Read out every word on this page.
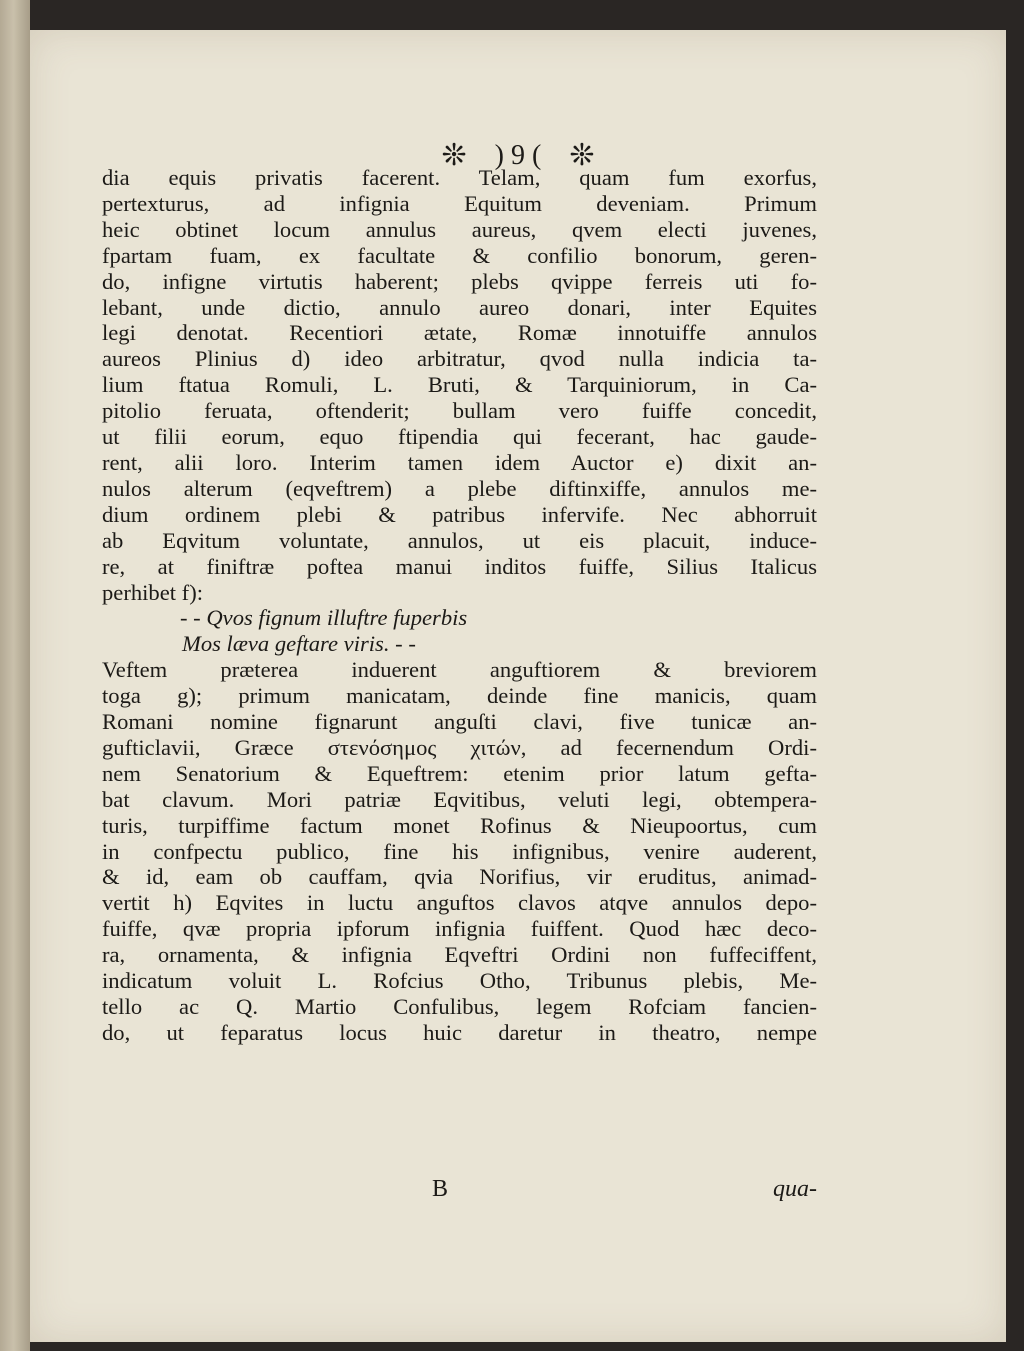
❊ ) 9 ( ❊
dia equis privatis facerent. Telam, quam fum exorfus,
pertexturus, ad infignia Equitum deveniam. Primum
heic obtinet locum annulus aureus, qvem electi juvenes,
fpartam fuam, ex facultate & confilio bonorum, geren-
do, infigne virtutis haberent; plebs qvippe ferreis uti fo-
lebant, unde dictio, annulo aureo donari, inter Equites
legi denotat. Recentiori ætate, Romæ innotuiffe annulos
aureos Plinius d) ideo arbitratur, qvod nulla indicia ta-
lium ftatua Romuli, L. Bruti, & Tarquiniorum, in Ca-
pitolio feruata, oftenderit; bullam vero fuiffe concedit,
ut filii eorum, equo ftipendia qui fecerant, hac gaude-
rent, alii loro. Interim tamen idem Auctor e) dixit an-
nulos alterum (eqveftrem) a plebe diftinxiffe, annulos me-
dium ordinem plebi & patribus infervife. Nec abhorruit
ab Eqvitum voluntate, annulos, ut eis placuit, induce-
re, at finiftræ poftea manui inditos fuiffe, Silius Italicus
perhibet f):
- - Qvos fignum illuftre fuperbis
Mos læva geftare viris. - -
Veftem præterea induerent anguftiorem & breviorem
toga g); primum manicatam, deinde fine manicis, quam
Romani nomine fignarunt anguſti clavi, five tunicæ an-
gufticlavii, Græce στενόσημος χιτών, ad fecernendum Ordi-
nem Senatorium & Equeftrem: etenim prior latum gefta-
bat clavum. Mori patriæ Eqvitibus, veluti legi, obtempera-
turis, turpiffime factum monet Rofinus & Nieupoortus, cum
in confpectu publico, fine his infignibus, venire auderent,
& id, eam ob cauffam, qvia Norifius, vir eruditus, animad-
vertit h) Eqvites in luctu anguftos clavos atqve annulos depo-
fuiffe, qvæ propria ipforum infignia fuiffent. Quod hæc deco-
ra, ornamenta, & infignia Eqveftri Ordini non fuffeciffent,
indicatum voluit L. Rofcius Otho, Tribunus plebis, Me-
tello ac Q. Martio Confulibus, legem Rofciam fancien-
do, ut feparatus locus huic daretur in theatro, nempe
B	qua-
